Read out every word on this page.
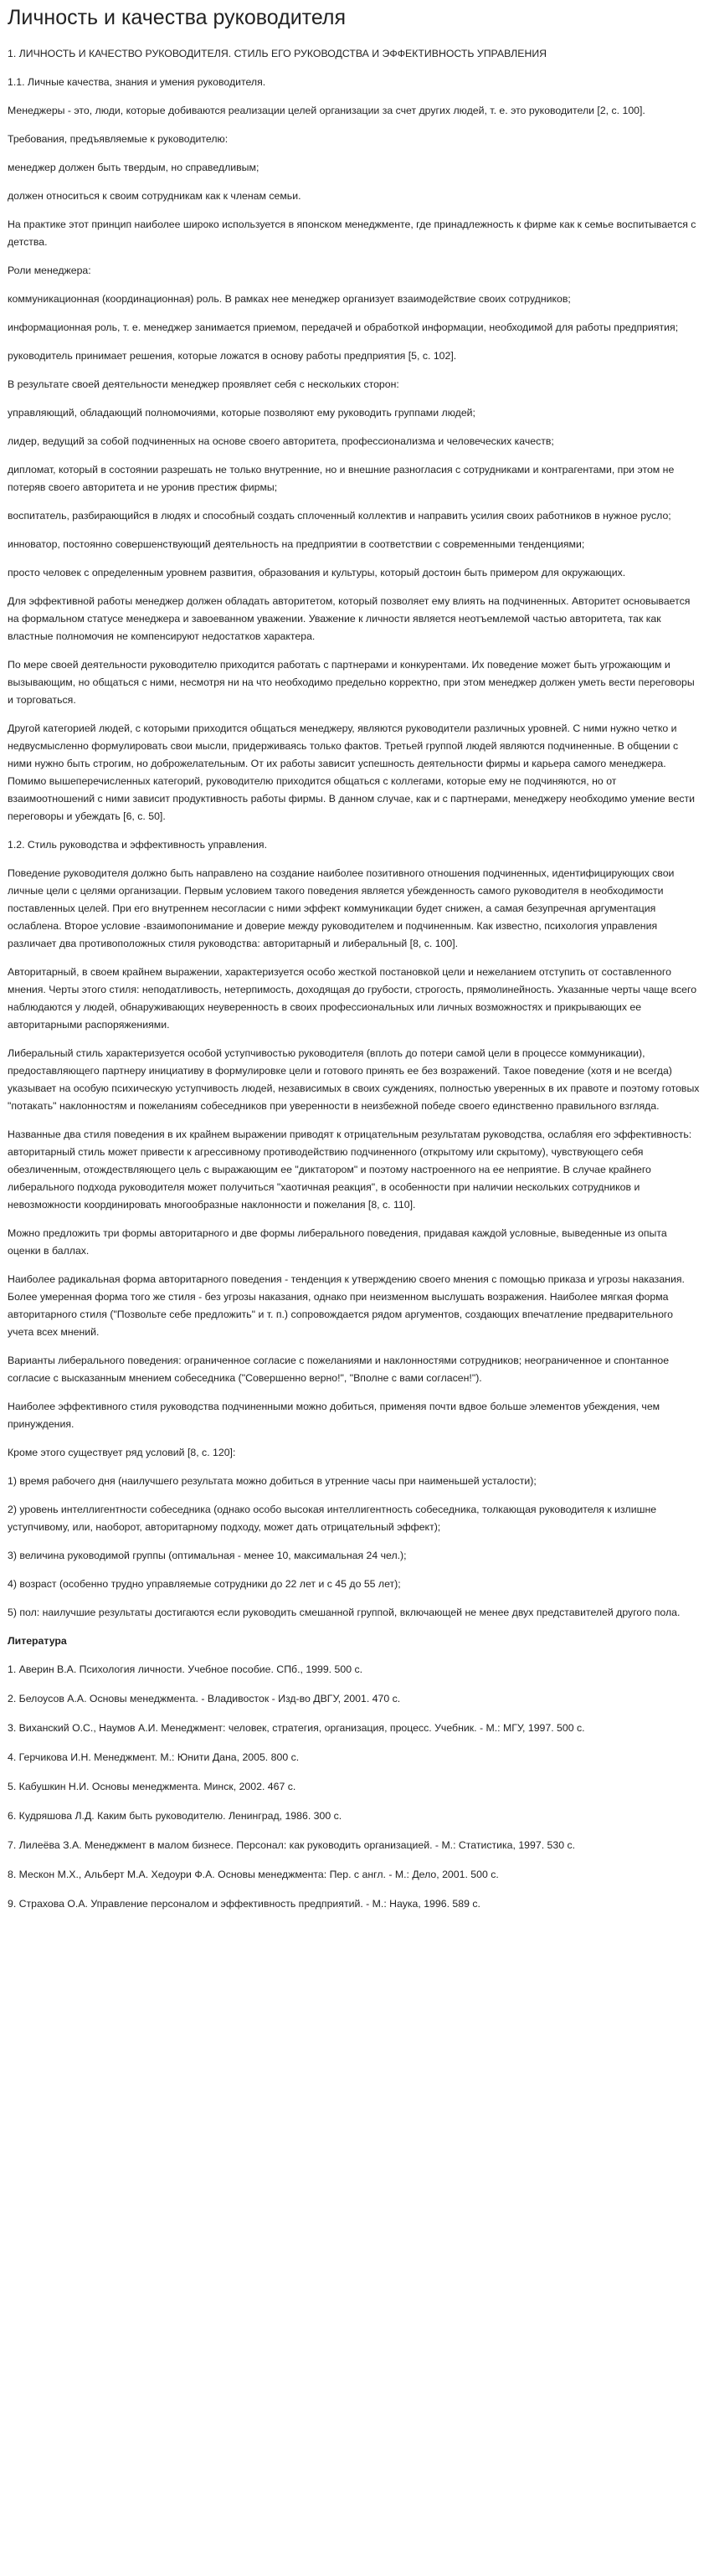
Личность и качества руководителя

1. ЛИЧНОСТЬ И КАЧЕСТВО РУКОВОДИТЕЛЯ. СТИЛЬ ЕГО РУКОВОДСТВА И ЭФФЕКТИВНОСТЬ УПРАВЛЕНИЯ

1.1. Личные качества, знания и умения руководителя.

Менеджеры - это, люди, которые добиваются реализации целей организации за счет других людей, т. е. это руководители [2, с. 100].

Требования, предъявляемые к руководителю:

менеджер должен быть твердым, но справедливым;

должен относиться к своим сотрудникам как к членам семьи.

На практике этот принцип наиболее широко используется в японском менеджменте, где принадлежность к фирме как к семье воспитывается с детства.

Роли менеджера:

коммуникационная (координационная) роль. В рамках нее менеджер организует взаимодействие своих сотрудников;

информационная роль, т. е. менеджер занимается приемом, передачей и обработкой информации, необходимой для работы предприятия;

руководитель принимает решения, которые ложатся в основу работы предприятия [5, с. 102].

В результате своей деятельности менеджер проявляет себя с нескольких сторон:

управляющий, обладающий полномочиями, которые позволяют ему руководить группами людей;

лидер, ведущий за собой подчиненных на основе своего авторитета, профессионализма и человеческих качеств;

дипломат, который в состоянии разрешать не только внутренние, но и внешние разногласия с сотрудниками и контрагентами, при этом не потеряв своего авторитета и не уронив престиж фирмы;

воспитатель, разбирающийся в людях и способный создать сплоченный коллектив и направить усилия своих работников в нужное русло;

инноватор, постоянно совершенствующий деятельность на предприятии в соответствии с современными тенденциями;

просто человек с определенным уровнем развития, образования и культуры, который достоин быть примером для окружающих.

Для эффективной работы менеджер должен обладать авторитетом, который позволяет ему влиять на подчиненных. Авторитет основывается на формальном статусе менеджера и завоеванном уважении. Уважение к личности является неотъемлемой частью авторитета, так как властные полномочия не компенсируют недостатков характера.

По мере своей деятельности руководителю приходится работать с партнерами и конкурентами. Их поведение может быть угрожающим и вызывающим, но общаться с ними, несмотря ни на что необходимо предельно корректно, при этом менеджер должен уметь вести переговоры и торговаться.

Другой категорией людей, с которыми приходится общаться менеджеру, являются руководители различных уровней. С ними нужно четко и недвусмысленно формулировать свои мысли, придерживаясь только фактов. Третьей группой людей являются подчиненные. В общении с ними нужно быть строгим, но доброжелательным. От их работы зависит успешность деятельности фирмы и карьера самого менеджера. Помимо вышеперечисленных категорий, руководителю приходится общаться с коллегами, которые ему не подчиняются, но от взаимоотношений с ними зависит продуктивность работы фирмы. В данном случае, как и с партнерами, менеджеру необходимо умение вести переговоры и убеждать [6, с. 50].

1.2. Стиль руководства и эффективность управления.

Поведение руководителя должно быть направлено на создание наиболее позитивного отношения подчиненных, идентифицирующих свои личные цели с целями организации. Первым условием такого поведения является убежденность самого руководителя в необходимости поставленных целей. При его внутреннем несогласии с ними эффект коммуникации будет снижен, а самая безупречная аргументация ослаблена. Второе условие -взаимопонимание и доверие между руководителем и подчиненным. Как известно, психология управления различает два противоположных стиля руководства: авторитарный и либеральный [8, с. 100].

Авторитарный, в своем крайнем выражении, характеризуется особо жесткой постановкой цели и нежеланием отступить от составленного мнения. Черты этого стиля: неподатливость, нетерпимость, доходящая до грубости, строгость, прямолинейность. Указанные черты чаще всего наблюдаются у людей, обнаруживающих неуверенность в своих профессиональных или личных возможностях и прикрывающих ее авторитарными распоряжениями.

Либеральный стиль характеризуется особой уступчивостью руководителя (вплоть до потери самой цели в процессе коммуникации), предоставляющего партнеру инициативу в формулировке цели и готового принять ее без возражений. Такое поведение (хотя и не всегда) указывает на особую психическую уступчивость людей, независимых в своих суждениях, полностью уверенных в их правоте и поэтому готовых "потакать" наклонностям и пожеланиям собеседников при уверенности в неизбежной победе своего единственно правильного взгляда.

Названные два стиля поведения в их крайнем выражении приводят к отрицательным результатам руководства, ослабляя его эффективность: авторитарный стиль может привести к агрессивному противодействию подчиненного (открытому или скрытому), чувствующего себя обезличенным, отождествляющего цель с выражающим ее "диктатором" и поэтому настроенного на ее неприятие. В случае крайнего либерального подхода руководителя может получиться "хаотичная реакция", в особенности при наличии нескольких сотрудников и невозможности координировать многообразные наклонности и пожелания [8, с. 110].

Можно предложить три формы авторитарного и две формы либерального поведения, придавая каждой условные, выведенные из опыта оценки в баллах.

Наиболее радикальная форма авторитарного поведения - тенденция к утверждению своего мнения с помощью приказа и угрозы наказания. Более умеренная форма того же стиля - без угрозы наказания, однако при неизменном выслушать возражения. Наиболее мягкая форма авторитарного стиля ("Позвольте себе предложить" и т. п.) сопровождается рядом аргументов, создающих впечатление предварительного учета всех мнений.

Варианты либерального поведения: ограниченное согласие с пожеланиями и наклонностями сотрудников; неограниченное и спонтанное согласие с высказанным мнением собеседника ("Совершенно верно!", "Вполне с вами согласен!").

Наиболее эффективного стиля руководства подчиненными можно добиться, применяя почти вдвое больше элементов убеждения, чем принуждения.

Кроме этого существует ряд условий [8, с. 120]:

1) время рабочего дня (наилучшего результата можно добиться в утренние часы при наименьшей усталости);

2) уровень интеллигентности собеседника (однако особо высокая интеллигентность собеседника, толкающая руководителя к излишне уступчивому, или, наоборот, авторитарному подходу, может дать отрицательный эффект);

3) величина руководимой группы (оптимальная - менее 10, максимальная 24 чел.);

4) возраст (особенно трудно управляемые сотрудники до 22 лет и с 45 до 55 лет);

5) пол: наилучшие результаты достигаются если руководить смешанной группой, включающей не менее двух представителей другого пола.

Литература

1. Аверин В.А. Психология личности. Учебное пособие. СПб., 1999. 500 с.

2. Белоусов А.А. Основы менеджмента. - Владивосток - Изд-во ДВГУ, 2001. 470 с.

3. Виханский О.С., Наумов А.И. Менеджмент: человек, стратегия, организация, процесс. Учебник. - М.: МГУ, 1997. 500 с.

4. Герчикова И.Н. Менеджмент. М.: Юнити Дана, 2005. 800 с.

5. Кабушкин Н.И. Основы менеджмента. Минск, 2002. 467 с.

6. Кудряшова Л.Д. Каким быть руководителю. Ленинград, 1986. 300 с.

7. Лилеёва З.А. Менеджмент в малом бизнесе. Персонал: как руководить организацией. - М.: Статистика, 1997. 530 с.

8. Мескон М.Х., Альберт М.А. Хедоури Ф.А. Основы менеджмента: Пер. с англ. - М.: Дело, 2001. 500 с.

9. Страхова О.А. Управление персоналом и эффективность предприятий. - М.: Наука, 1996. 589 с.
